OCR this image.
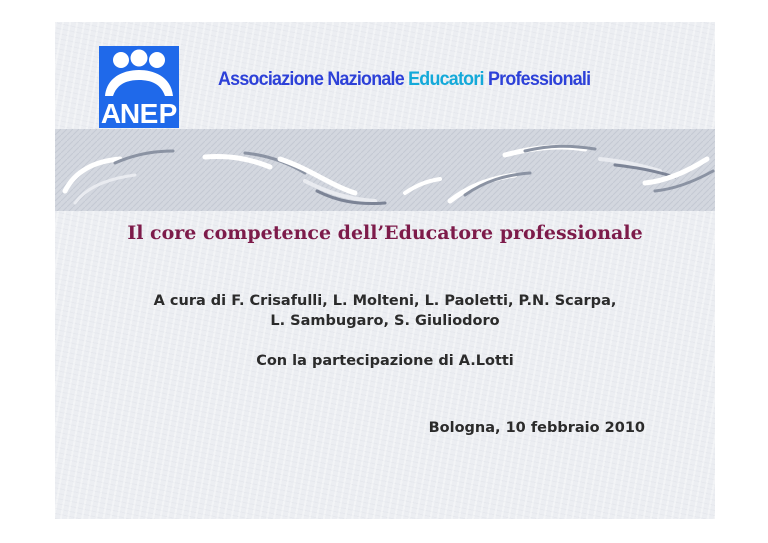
A
N E P
Associazione Nazionale Educatori Professionali
Il core competence dell’Educatore professionale
A cura di F. Crisafulli, L. Molteni, L. Paoletti, P.N. Scarpa,
L. Sambugaro, S. Giuliodoro
Con la partecipazione di A.Lotti
Bologna, 10 febbraio 2010
